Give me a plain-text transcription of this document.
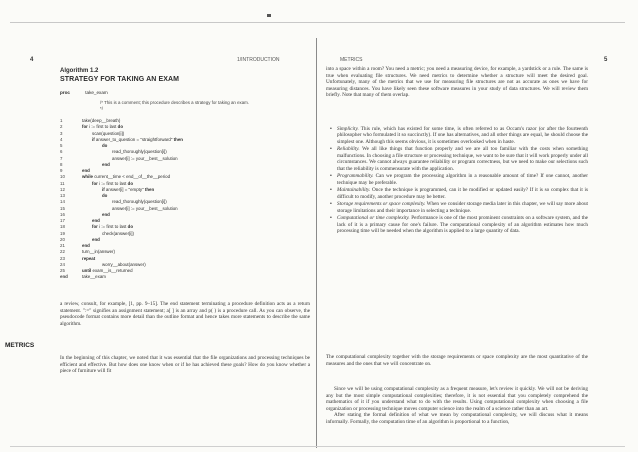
4	1/INTRODUCTION
Algorithm 1.2
STRATEGY FOR TAKING AN EXAM
proc	take_exam
/* This is a comment; this procedure describes a strategy for taking an exam. */
1	take(deep__breath)
2	for i := first to last do
3	scan(question[i])
4	if answer_to_question = "straightforward" then
5	do
6	read_thoroughly(question[i])
7	answer[i] := your__best__solution
8	end
9	end
10	while current__time < end__of__the__period
11	for i := first to last do
12	if answer[i] = "empty" then
13	do
14	read_thoroughly(question[i])
15	answer[i] := your__best__solution
16	end
17	end
18	for i := first to last do
19	check(answer[i])
20	end
21	end
22	turn__in(answer)
23	repeat
24	worry__about(answer)
25	until exam__is__returned
end	take__exam
a review, consult, for example, [1, pp. 9–15]. The end statement terminating a procedure definition acts as a return statement. ":=" signifies an assignment statement; a[ ] is an array and p( ) is a procedure call. As you can observe, the pseudocode format contains more detail than the outline format and hence takes more statements to describe the same algorithm.
METRICS
In the beginning of this chapter, we noted that it was essential that the file organizations and processing techniques be efficient and effective. But how does one know when or if he has achieved these goals? How do you know whether a piece of furniture will fit
METRICS	5
into a space within a room? You need a metric; you need a measuring device, for example, a yardstick or a rule. The same is true when evaluating file structures. We need metrics to determine whether a structure will meet the desired goal. Unfortunately, many of the metrics that we use for measuring file structures are not as accurate as ones we have for measuring distances. You have likely seen these software measures in your study of data structures. We will review them briefly. Note that many of them overlap.
• Simplicity. This rule, which has existed for some time, is often referred to as Occam's razor (or after the fourteenth philosopher who formulated it so succinctly). If one has alternatives, and all other things are equal, he should choose the simplest one. Although this seems obvious, it is sometimes overlooked when in haste.
• Reliability. We all like things that function properly and we are all too familiar with the costs when something malfunctions. In choosing a file structure or processing technique, we want to be sure that it will work properly under all circumstances. We cannot always guarantee reliability or program correctness, but we need to make our selections such that the reliability is commensurate with the application.
• Programmability. Can we program the processing algorithm in a reasonable amount of time? If one cannot, another technique may be preferable.
• Maintainability. Once the technique is programmed, can it be modified or updated easily? If it is so complex that it is difficult to modify, another procedure may be better.
• Storage requirements or space complexity. When we consider storage media later in this chapter, we will say more about storage limitations and their importance in selecting a technique.
• Computational or time complexity. Performance is one of the most prominent constraints on a software system, and the lack of it is a primary cause for one's failure. The computational complexity of an algorithm estimates how much processing time will be needed when the algorithm is applied to a large quantity of data.
The computational complexity together with the storage requirements or space complexity are the most quantitative of the measures and the ones that we will concentrate on.
Since we will be using computational complexity as a frequent measure, let's review it quickly. We will not be deriving any but the most simple computational complexities; therefore, it is not essential that you completely comprehend the mathematics of it if you understand what to do with the results. Using computational complexity when choosing a file organization or processing technique moves computer science into the realm of a science rather than an art.
After stating the formal definition of what we mean by computational complexity, we will discuss what it means informally. Formally, the computation time of an algorithm is proportional to a function,
